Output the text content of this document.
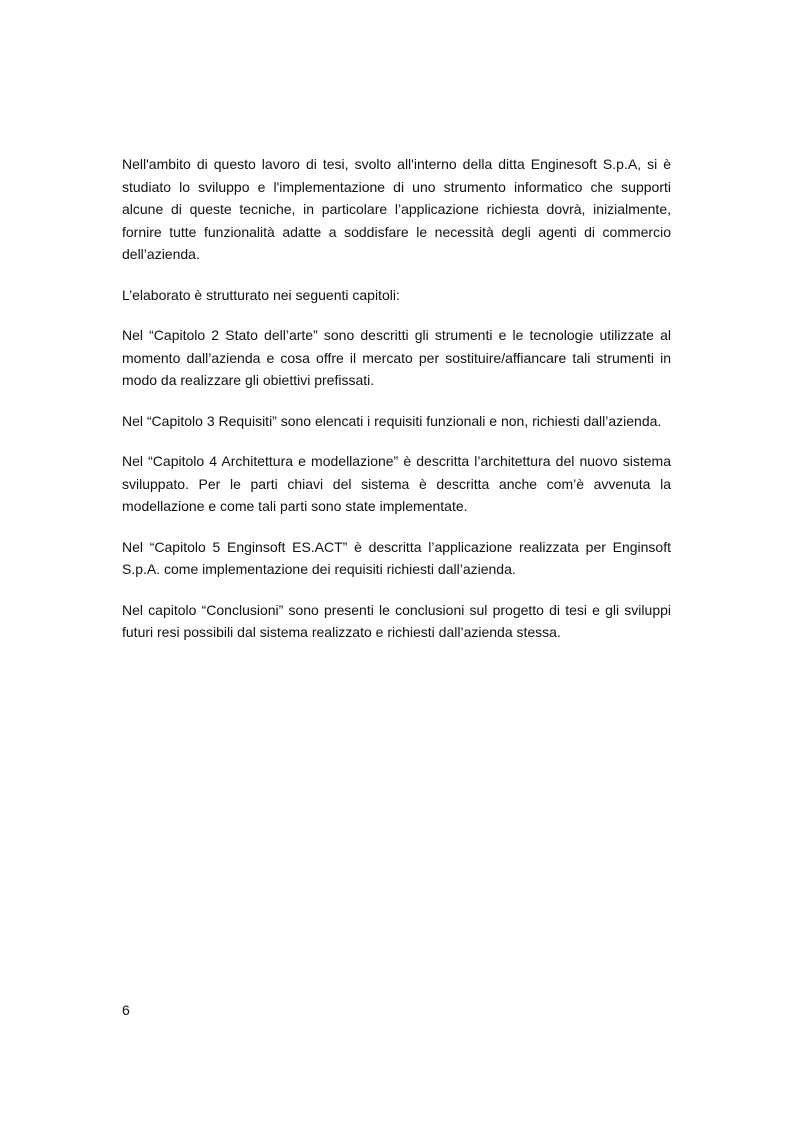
Nell'ambito di questo lavoro di tesi, svolto all'interno della ditta Enginesoft S.p.A, si è studiato lo sviluppo e l'implementazione di uno strumento informatico che supporti alcune di queste tecniche, in particolare l’applicazione richiesta dovrà, inizialmente, fornire tutte funzionalità adatte a soddisfare le necessità degli agenti di commercio dell’azienda.

L’elaborato è strutturato nei seguenti capitoli:

Nel “Capitolo 2 Stato dell’arte” sono descritti gli strumenti e le tecnologie utilizzate al momento dall’azienda e cosa offre il mercato per sostituire/affiancare tali strumenti in modo da realizzare gli obiettivi prefissati.

Nel “Capitolo 3 Requisiti” sono elencati i requisiti funzionali e non, richiesti dall’azienda.

Nel “Capitolo 4 Architettura e modellazione” è descritta l’architettura del nuovo sistema sviluppato. Per le parti chiavi del sistema è descritta anche com’è avvenuta la modellazione e come tali parti sono state implementate.

Nel “Capitolo 5 Enginsoft ES.ACT” è descritta l’applicazione realizzata per Enginsoft S.p.A. come implementazione dei requisiti richiesti dall’azienda.

Nel capitolo “Conclusioni” sono presenti le conclusioni sul progetto di tesi e gli sviluppi futuri resi possibili dal sistema realizzato e richiesti dall’azienda stessa.

6
